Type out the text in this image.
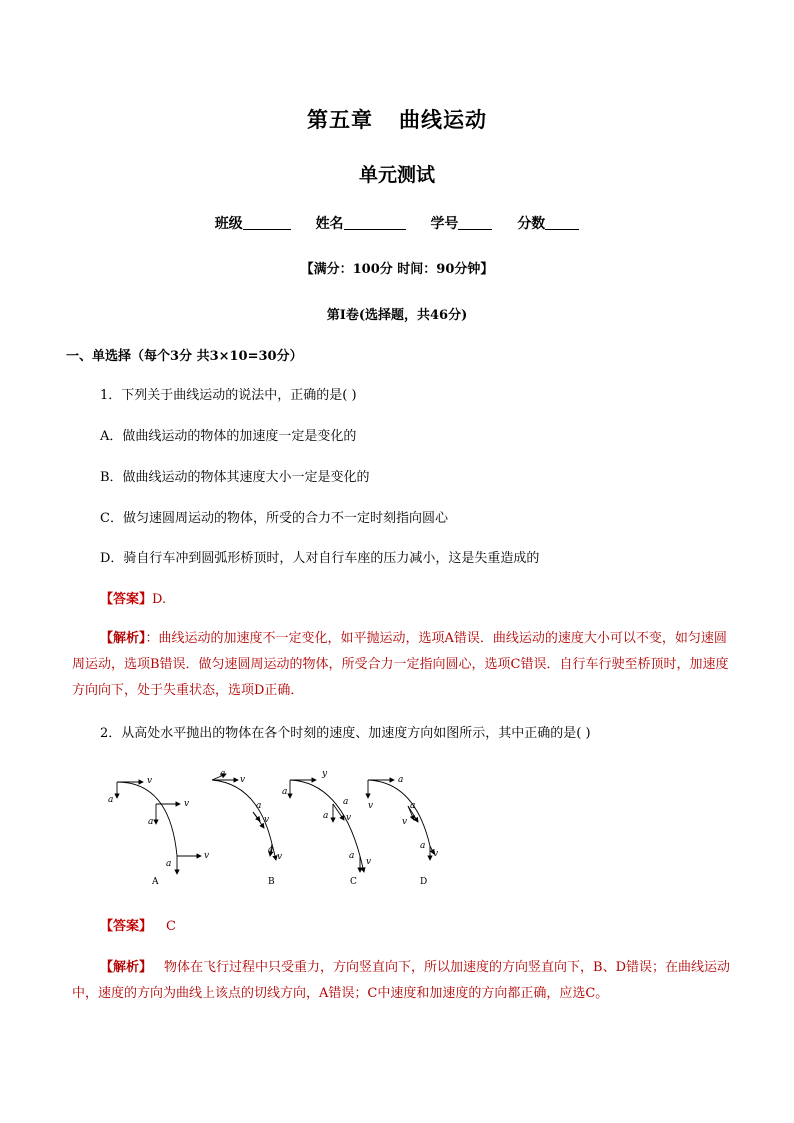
第五章 曲线运动
单元测试
班级	姓名	学号	分数
【满分：100分 时间：90分钟】
第Ⅰ卷(选择题，共46分)
一、单选择（每个3分 共3×10=30分）
1．下列关于曲线运动的说法中，正确的是( )
A．做曲线运动的物体的加速度一定是变化的
B．做曲线运动的物体其速度大小一定是变化的
C．做匀速圆周运动的物体，所受的合力不一定时刻指向圆心
D．骑自行车冲到圆弧形桥顶时，人对自行车座的压力减小，这是失重造成的
【答案】D.
【解析】：曲线运动的加速度不一定变化，如平抛运动，选项A错误．曲线运动的速度大小可以不变，如匀速圆周运动，选项B错误．做匀速圆周运动的物体，所受合力一定指向圆心，选项C错误．自行车行驶至桥顶时，加速度方向向下，处于失重状态，选项D正确．
2．从高处水平抛出的物体在各个时刻的速度、加速度方向如图所示，其中正确的是( )
v
a	v
a
v
a
a
v
a
v
a
v
y
a
a
a v
a
v
a
v	a
v
a
v
A	B	C	D
【答案】 C
【解析】 物体在飞行过程中只受重力，方向竖直向下，所以加速度的方向竖直向下，B、D错误；在曲线运动中，速度的方向为曲线上该点的切线方向，A错误；C中速度和加速度的方向都正确，应选C。
